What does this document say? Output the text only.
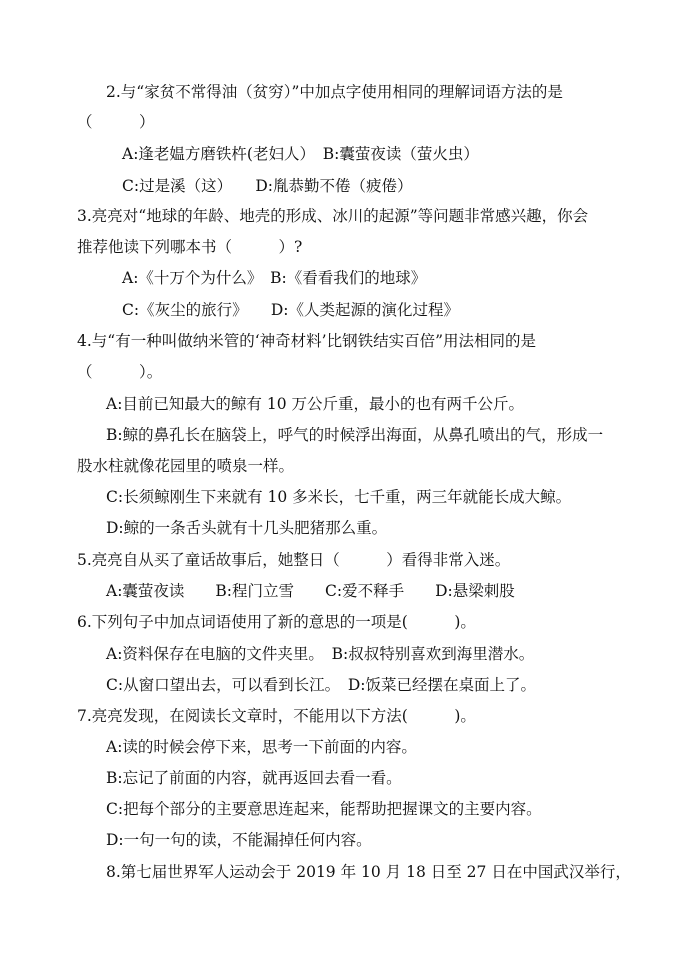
2.与“家贫不常得油（贫穷）”中加点字使用相同的理解词语方法的是
（　　　）
A:逢老媪方磨铁杵(老妇人）　B:囊萤夜读（萤火虫）
C:过是溪（这）　　D:胤恭勤不倦（疲倦）
3.亮亮对“地球的年龄、地壳的形成、冰川的起源”等问题非常感兴趣，你会
推荐他读下列哪本书（　　　）?
A:《十万个为什么》　B:《看看我们的地球》
C:《灰尘的旅行》　　D:《人类起源的演化过程》
4.与“有一种叫做纳米管的‘神奇材料’比钢铁结实百倍”用法相同的是
（　　　）。
A:目前已知最大的鲸有 10 万公斤重，最小的也有两千公斤。
B:鲸的鼻孔长在脑袋上，呼气的时候浮出海面，从鼻孔喷出的气，形成一
股水柱就像花园里的喷泉一样。
C:长须鲸刚生下来就有 10 多米长，七千重，两三年就能长成大鲸。
D:鲸的一条舌头就有十几头肥猪那么重。
5.亮亮自从买了童话故事后，她整日（　　　）看得非常入迷。
A:囊萤夜读　　B:程门立雪　　C:爱不释手　　D:悬梁刺股
6.下列句子中加点词语使用了新的意思的一项是(　　　)。
A:资料保存在电脑的文件夹里。　B:叔叔特别喜欢到海里潜水。
C:从窗口望出去，可以看到长江。　D:饭菜已经摆在桌面上了。
7.亮亮发现，在阅读长文章时，不能用以下方法(　　　)。
A:读的时候会停下来，思考一下前面的内容。
B:忘记了前面的内容，就再返回去看一看。
C:把每个部分的主要意思连起来，能帮助把握课文的主要内容。
D:一句一句的读，不能漏掉任何内容。
8.第七届世界军人运动会于 2019 年 10 月 18 日至 27 日在中国武汉举行，
